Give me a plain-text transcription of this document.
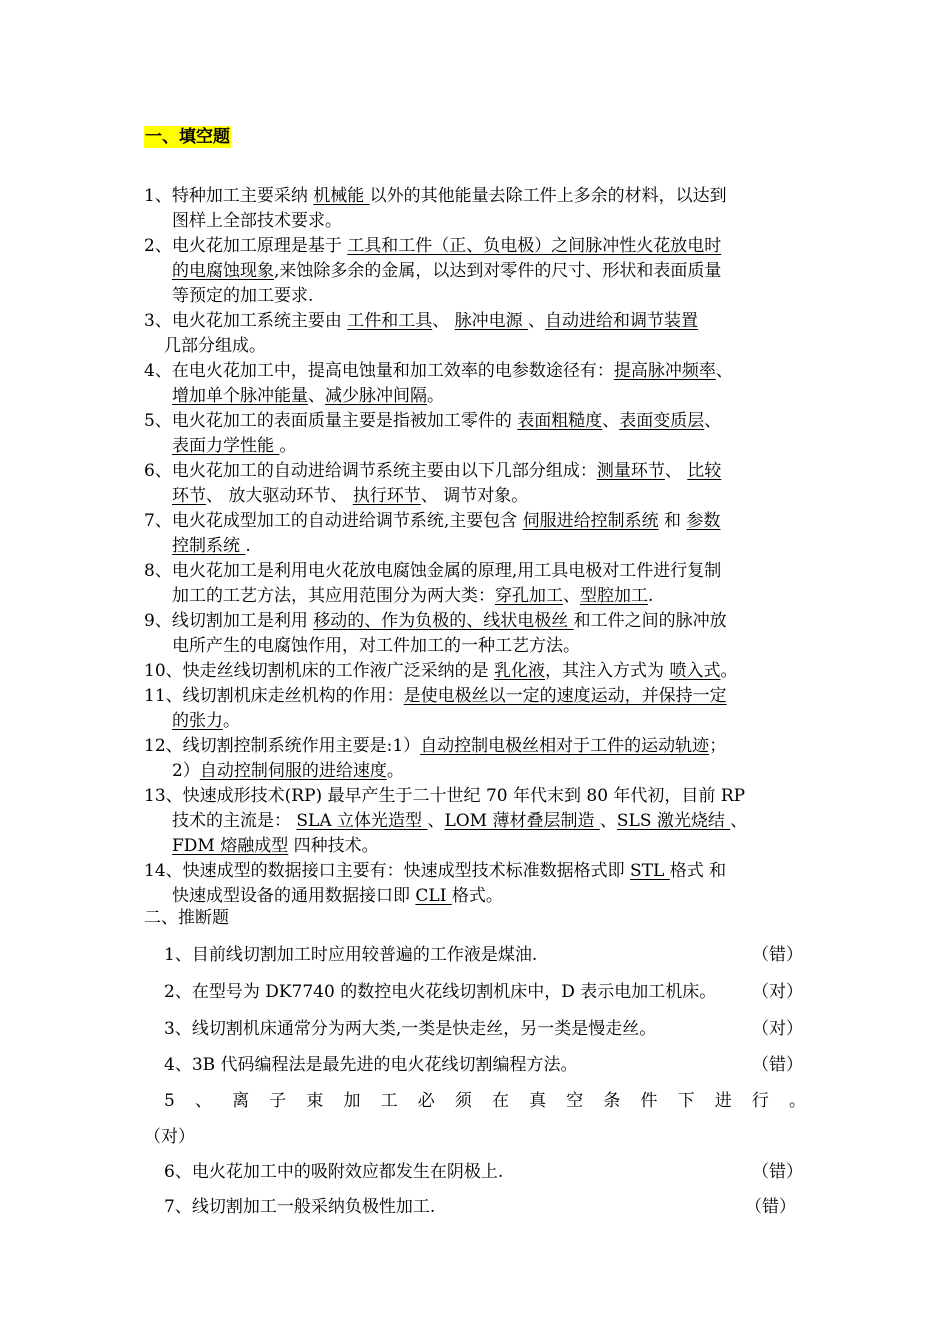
一、填空题
1、特种加工主要采纳 机械能 以外的其他能量去除工件上多余的材料，以达到
图样上全部技术要求。
2、电火花加工原理是基于 工具和工件（正、负电极）之间脉冲性火花放电时
的电腐蚀现象,来蚀除多余的金属，以达到对零件的尺寸、形状和表面质量
等预定的加工要求.
3、电火花加工系统主要由 工件和工具、 脉冲电源 、自动进给和调节装置
几部分组成。
4、在电火花加工中，提高电蚀量和加工效率的电参数途径有：提高脉冲频率、
增加单个脉冲能量、减少脉冲间隔。
5、电火花加工的表面质量主要是指被加工零件的 表面粗糙度、表面变质层、
表面力学性能 。
6、电火花加工的自动进给调节系统主要由以下几部分组成：测量环节、 比较
环节、 放大驱动环节、 执行环节、 调节对象。
7、电火花成型加工的自动进给调节系统,主要包含 伺服进给控制系统 和 参数
控制系统 .
8、电火花加工是利用电火花放电腐蚀金属的原理,用工具电极对工件进行复制
加工的工艺方法，其应用范围分为两大类：穿孔加工、型腔加工.
9、线切割加工是利用 移动的、作为负极的、线状电极丝 和工件之间的脉冲放
电所产生的电腐蚀作用，对工件加工的一种工艺方法。
10、快走丝线切割机床的工作液广泛采纳的是 乳化液，其注入方式为 喷入式。
11、线切割机床走丝机构的作用：是使电极丝以一定的速度运动，并保持一定
的张力。
12、线切割控制系统作用主要是:1）自动控制电极丝相对于工件的运动轨迹；
2）自动控制伺服的进给速度。
13、快速成形技术(RP) 最早产生于二十世纪 70 年代末到 80 年代初，目前 RP
技术的主流是： SLA 立体光造型 、LOM 薄材叠层制造 、SLS 激光烧结 、
FDM 熔融成型 四种技术。
14、快速成型的数据接口主要有：快速成型技术标准数据格式即 STL 格式 和
快速成型设备的通用数据接口即 CLI 格式。
二、推断题
1、目前线切割加工时应用较普遍的工作液是煤油.	（错）
2、在型号为 DK7740 的数控电火花线切割机床中，D 表示电加工机床。 （对）
3、线切割机床通常分为两大类,一类是快走丝，另一类是慢走丝。	（对）
4、3B 代码编程法是最先进的电火花线切割编程方法。	（错）
5 、 离 子 束 加 工 必 须 在 真 空 条 件 下 进 行 。
（对）
6、电火花加工中的吸附效应都发生在阴极上.	（错）
7、线切割加工一般采纳负极性加工.	（错）
